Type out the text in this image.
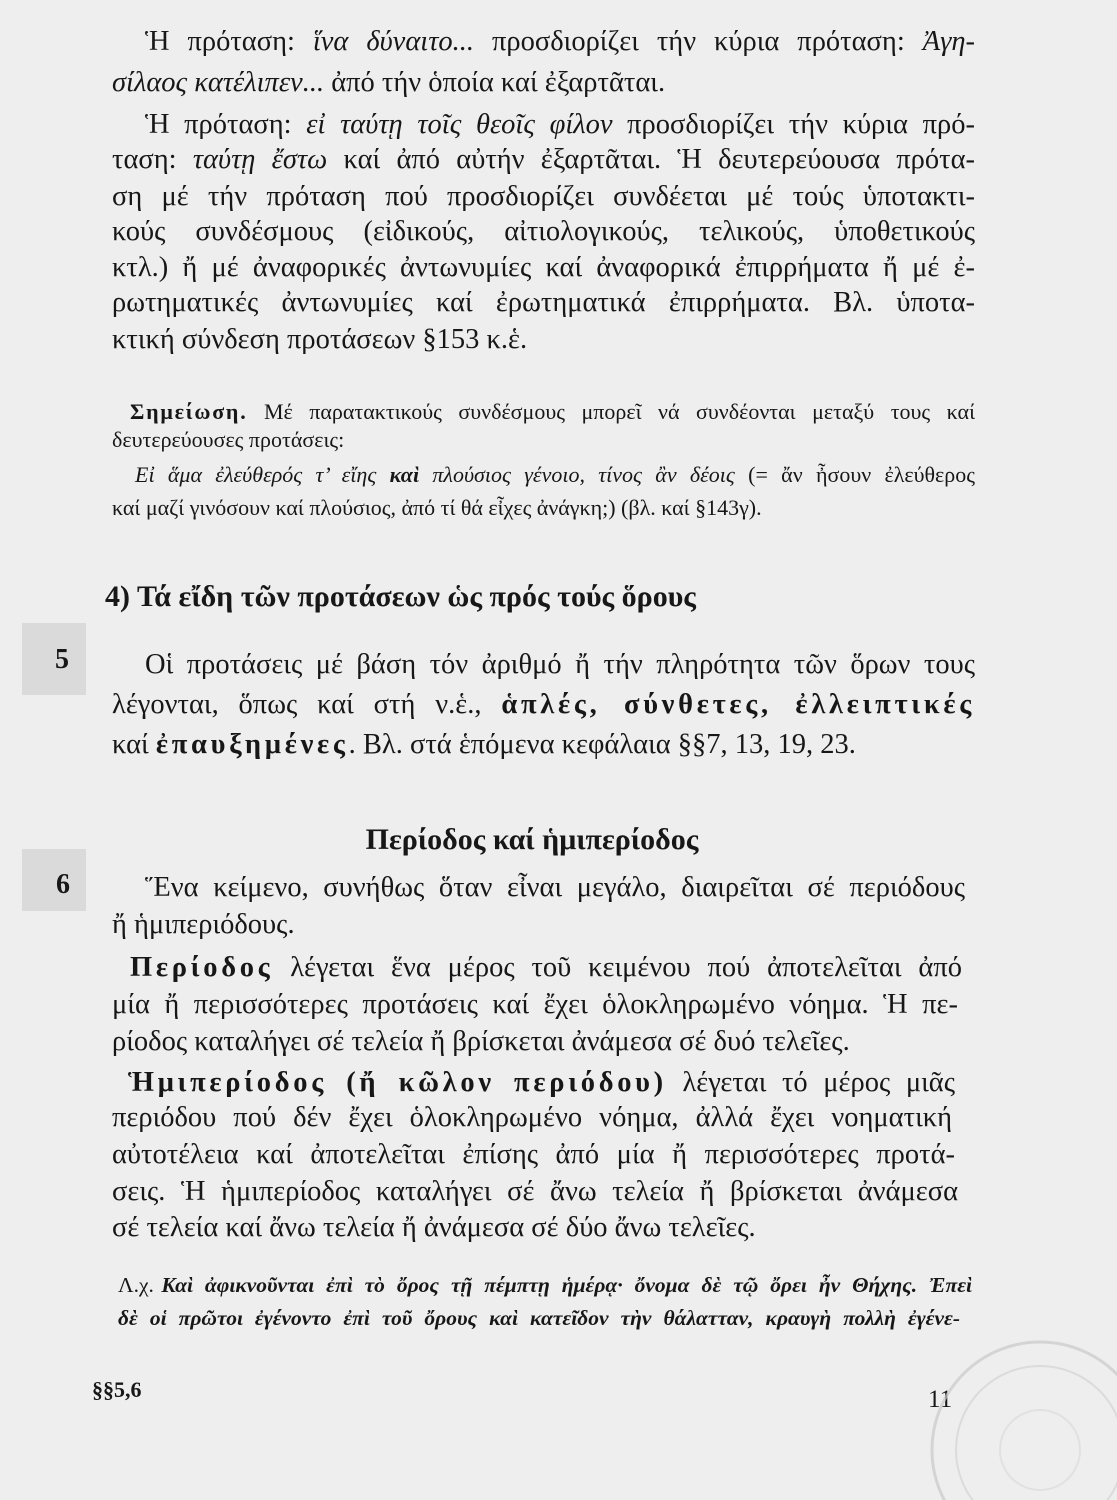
Ἡ πρόταση: ἵνα δύναιτο... προσδιορίζει τήν κύρια πρόταση: Ἀγη-
σίλαος κατέλιπεν... ἀπό τήν ὁποία καί ἐξαρτᾶται.
Ἡ πρόταση: εἰ ταύτῃ τοῖς θεοῖς φίλον προσδιορίζει τήν κύρια πρό-
ταση: ταύτῃ ἔστω καί ἀπό αὐτήν ἐξαρτᾶται. Ἡ δευτερεύουσα πρότα-
ση μέ τήν πρόταση πού προσδιορίζει συνδέεται μέ τούς ὑποτακτι-
κούς συνδέσμους (εἰδικούς, αἰτιολογικούς, τελικούς, ὑποθετικούς
κτλ.) ἤ μέ ἀναφορικές ἀντωνυμίες καί ἀναφορικά ἐπιρρήματα ἤ μέ ἐ-
ρωτηματικές ἀντωνυμίες καί ἐρωτηματικά ἐπιρρήματα. Βλ. ὑποτα-
κτική σύνδεση προτάσεων §153 κ.ἑ.
Σημείωση. Μέ παρατακτικούς συνδέσμους μπορεῖ νά συνδέονται μεταξύ τους καί
δευτερεύουσες προτάσεις:
Εἰ ἅμα ἐλεύθερός τ’ εἴης καὶ πλούσιος γένοιο, τίνος ἂν δέοις (= ἄν ἦσουν ἐλεύθερος
καί μαζί γινόσουν καί πλούσιος, ἀπό τί θά εἶχες ἀνάγκη;) (βλ. καί §143γ).
4) Τά εἴδη τῶν προτάσεων ὡς πρός τούς ὅρους
5	Οἱ προτάσεις μέ βάση τόν ἀριθμό ἤ τήν πληρότητα τῶν ὅρων τους
λέγονται, ὅπως καί στή ν.ἑ., ἁπλές, σύνθετες, ἐλλειπτικές
καί ἐπαυξημένες. Βλ. στά ἑπόμενα κεφάλαια §§7, 13, 19, 23.
Περίοδος καί ἡμιπερίοδος
6	Ἕνα κείμενο, συνήθως ὅταν εἶναι μεγάλο, διαιρεῖται σέ περιόδους
ἤ ἡμιπεριόδους.
Περίοδος λέγεται ἕνα μέρος τοῦ κειμένου πού ἀποτελεῖται ἀπό
μία ἤ περισσότερες προτάσεις καί ἔχει ὁλοκληρωμένο νόημα. Ἡ πε-
ρίοδος καταλήγει σέ τελεία ἤ βρίσκεται ἀνάμεσα σέ δυό τελεῖες.
Ἡμιπερίοδος (ἤ κῶλον περιόδου) λέγεται τό μέρος μιᾶς
περιόδου πού δέν ἔχει ὁλοκληρωμένο νόημα, ἀλλά ἔχει νοηματική
αὐτοτέλεια καί ἀποτελεῖται ἐπίσης ἀπό μία ἤ περισσότερες προτά-
σεις. Ἡ ἡμιπερίοδος καταλήγει σέ ἄνω τελεία ἤ βρίσκεται ἀνάμεσα
σέ τελεία καί ἄνω τελεία ἤ ἀνάμεσα σέ δύο ἄνω τελεῖες.
Λ.χ. Καὶ ἀφικνοῦνται ἐπὶ τὸ ὄρος τῇ πέμπτῃ ἡμέρᾳ· ὄνομα δὲ τῷ ὄρει ἦν Θήχης. Ἐπεὶ
δὲ οἱ πρῶτοι ἐγένοντο ἐπὶ τοῦ ὄρους καὶ κατεῖδον τὴν θάλατταν, κραυγὴ πολλὴ ἐγένε-
§§5,6	11
